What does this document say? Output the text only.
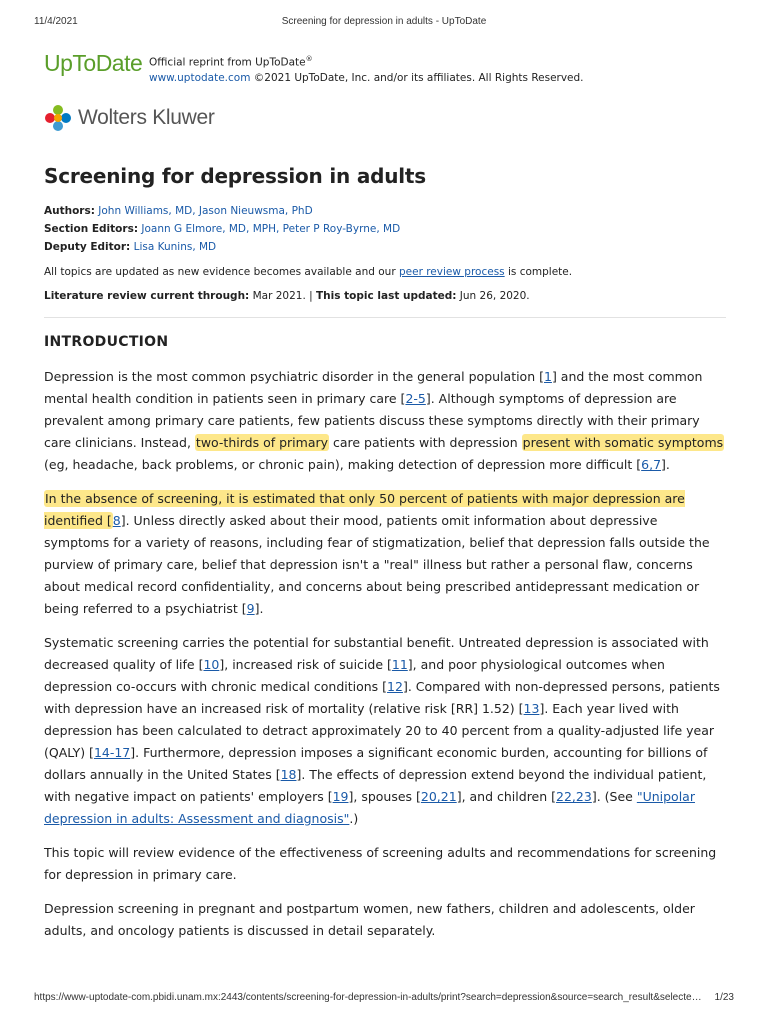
11/4/2021	Screening for depression in adults - UpToDate
UpToDate Official reprint from UpToDate®
www.uptodate.com ©2021 UpToDate, Inc. and/or its affiliates. All Rights Reserved.
Wolters Kluwer
Screening for depression in adults
Authors: John Williams, MD, Jason Nieuwsma, PhD
Section Editors: Joann G Elmore, MD, MPH, Peter P Roy-Byrne, MD
Deputy Editor: Lisa Kunins, MD
All topics are updated as new evidence becomes available and our peer review process is complete.
Literature review current through: Mar 2021. | This topic last updated: Jun 26, 2020.
INTRODUCTION

Depression is the most common psychiatric disorder in the general population [1] and the most common mental health condition in patients seen in primary care [2-5]. Although symptoms of depression are prevalent among primary care patients, few patients discuss these symptoms directly with their primary care clinicians. Instead, two-thirds of primary care patients with depression present with somatic symptoms (eg, headache, back problems, or chronic pain), making detection of depression more difficult [6,7].

In the absence of screening, it is estimated that only 50 percent of patients with major depression are identified [8]. Unless directly asked about their mood, patients omit information about depressive symptoms for a variety of reasons, including fear of stigmatization, belief that depression falls outside the purview of primary care, belief that depression isn't a "real" illness but rather a personal flaw, concerns about medical record confidentiality, and concerns about being prescribed antidepressant medication or being referred to a psychiatrist [9].

Systematic screening carries the potential for substantial benefit. Untreated depression is associated with decreased quality of life [10], increased risk of suicide [11], and poor physiological outcomes when depression co-occurs with chronic medical conditions [12]. Compared with non-depressed persons, patients with depression have an increased risk of mortality (relative risk [RR] 1.52) [13]. Each year lived with depression has been calculated to detract approximately 20 to 40 percent from a quality-adjusted life year (QALY) [14-17]. Furthermore, depression imposes a significant economic burden, accounting for billions of dollars annually in the United States [18]. The effects of depression extend beyond the individual patient, with negative impact on patients' employers [19], spouses [20,21], and children [22,23]. (See "Unipolar depression in adults: Assessment and diagnosis".)

This topic will review evidence of the effectiveness of screening adults and recommendations for screening for depression in primary care.

Depression screening in pregnant and postpartum women, new fathers, children and adolescents, older adults, and oncology patients is discussed in detail separately.

https://www-uptodate-com.pbidi.unam.mx:2443/contents/screening-for-depression-in-adults/print?search=depression&source=search_result&selecte… 1/23
